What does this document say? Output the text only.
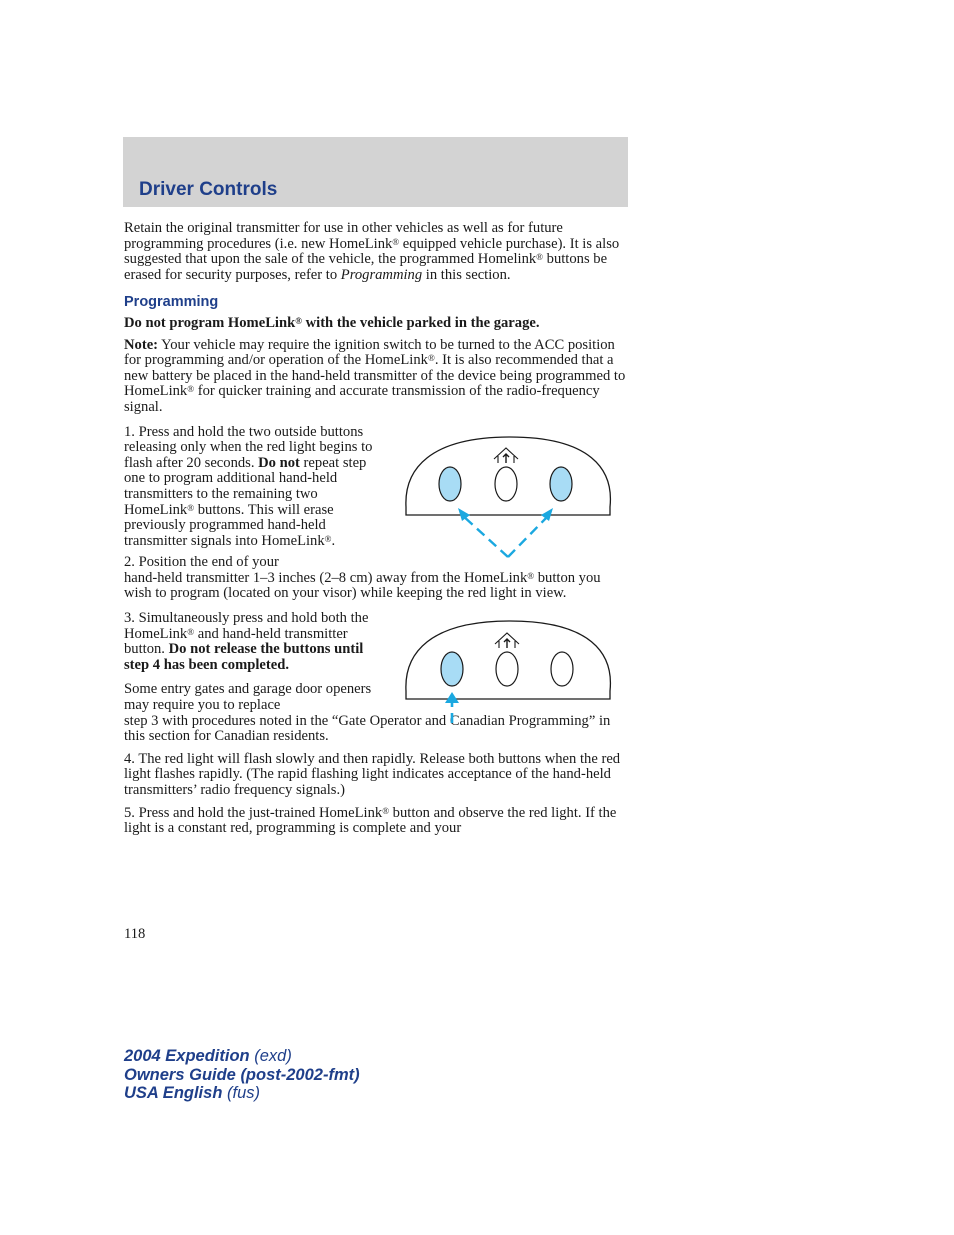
Driver Controls

Retain the original transmitter for use in other vehicles as well as for future programming procedures (i.e. new HomeLink® equipped vehicle purchase). It is also suggested that upon the sale of the vehicle, the programmed Homelink® buttons be erased for security purposes, refer to Programming in this section.

Programming

Do not program HomeLink® with the vehicle parked in the garage.

Note: Your vehicle may require the ignition switch to be turned to the ACC position for programming and/or operation of the HomeLink®. It is also recommended that a new battery be placed in the hand-held transmitter of the device being programmed to HomeLink® for quicker training and accurate transmission of the radio-frequency signal.

1. Press and hold the two outside buttons releasing only when the red light begins to flash after 20 seconds. Do not repeat step one to program additional hand-held transmitters to the remaining two HomeLink® buttons. This will erase previously programmed hand-held transmitter signals into HomeLink®.

2. Position the end of your
hand-held transmitter 1–3 inches (2–8 cm) away from the HomeLink® button you wish to program (located on your visor) while keeping the red light in view.

3. Simultaneously press and hold both the HomeLink® and hand-held transmitter button. Do not release the buttons until step 4 has been completed.

Some entry gates and garage door openers may require you to replace

step 3 with procedures noted in the “Gate Operator and Canadian Programming” in this section for Canadian residents.

4. The red light will flash slowly and then rapidly. Release both buttons when the red light flashes rapidly. (The rapid flashing light indicates acceptance of the hand-held transmitters’ radio frequency signals.)

5. Press and hold the just-trained HomeLink® button and observe the red light. If the light is a constant red, programming is complete and your

118
2004 Expedition (exd)
Owners Guide (post-2002-fmt)
USA English (fus)
